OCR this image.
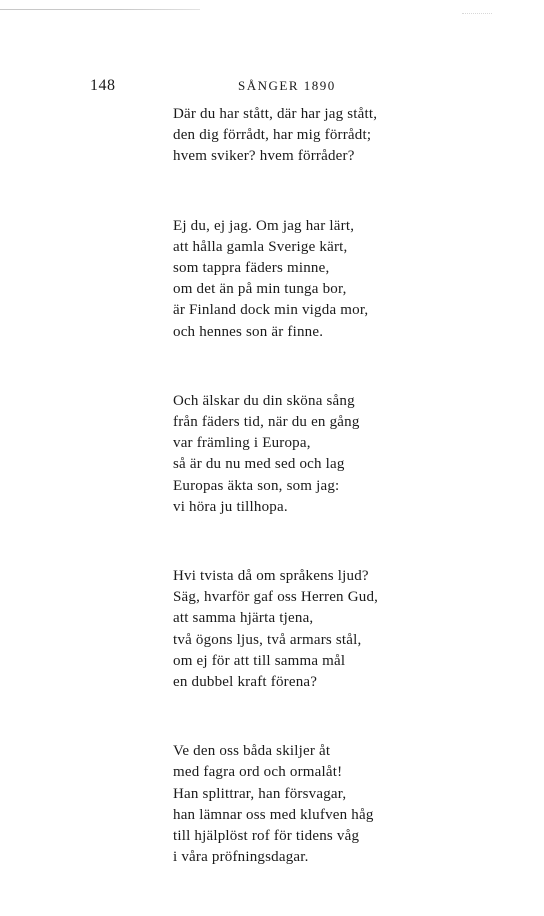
148	SÅNGER 1890
Där du har stått, där har jag stått,
den dig förrådt, har mig förrådt;
hvem sviker? hvem förråder?
Ej du, ej jag. Om jag har lärt,
att hålla gamla Sverige kärt,
som tappra fäders minne,
om det än på min tunga bor,
är Finland dock min vigda mor,
och hennes son är finne.
Och älskar du din sköna sång
från fäders tid, när du en gång
var främling i Europa,
så är du nu med sed och lag
Europas äkta son, som jag:
vi höra ju tillhopa.
Hvi tvista då om språkens ljud?
Säg, hvarför gaf oss Herren Gud,
att samma hjärta tjena,
två ögons ljus, två armars stål,
om ej för att till samma mål
en dubbel kraft förena?
Ve den oss båda skiljer åt
med fagra ord och ormalåt!
Han splittrar, han försvagar,
han lämnar oss med klufven håg
till hjälplöst rof för tidens våg
i våra pröfningsdagar.
